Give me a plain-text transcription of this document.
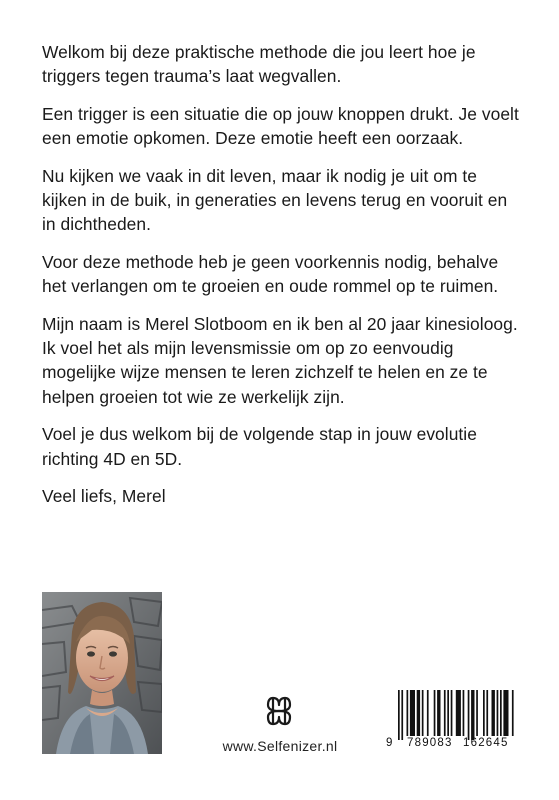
Welkom bij deze praktische methode die jou leert hoe je triggers tegen trauma’s laat wegvallen.

Een trigger is een situatie die op jouw knoppen drukt. Je voelt een emotie opkomen. Deze emotie heeft een oorzaak.

Nu kijken we vaak in dit leven, maar ik nodig je uit om te kijken in de buik, in generaties en levens terug en vooruit en in dichtheden.

Voor deze methode heb je geen voorkennis nodig, behalve het verlangen om te groeien en oude rommel op te ruimen.

Mijn naam is Merel Slotboom en ik ben al 20 jaar kinesioloog. Ik voel het als mijn levensmissie om op zo eenvoudig mogelijke wijze mensen te leren zichzelf te helen en ze te helpen groeien tot wie ze werkelijk zijn.

Voel je dus welkom bij de volgende stap in jouw evolutie richting 4D en 5D.

Veel liefs, Merel

www.Selfenizer.nl	9 789083 162645
